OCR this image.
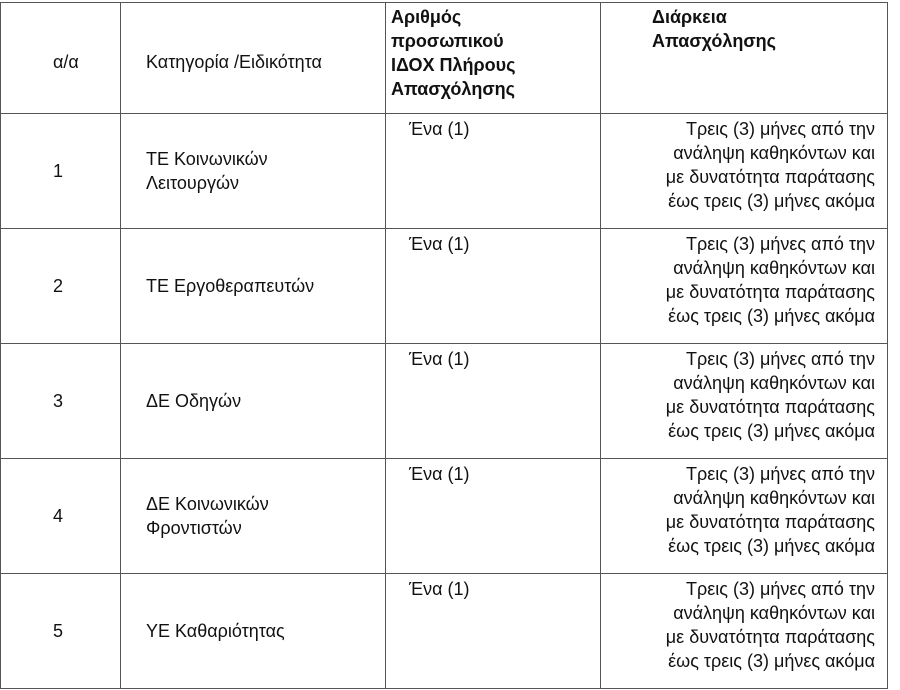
α/α	Κατηγορία /Ειδικότητα	Αριθμός
προσωπικού
ΙΔΟΧ Πλήρους
Απασχόλησης	Διάρκεια
Απασχόλησης

1	ΤΕ Κοινωνικών
Λειτουργών	Ένα (1)	Τρεις (3) μήνες από την
ανάληψη καθηκόντων και
με δυνατότητα παράτασης
έως τρεις (3) μήνες ακόμα

2	ΤΕ Εργοθεραπευτών	Ένα (1)	Τρεις (3) μήνες από την
ανάληψη καθηκόντων και
με δυνατότητα παράτασης
έως τρεις (3) μήνες ακόμα

3	ΔΕ Οδηγών	Ένα (1)	Τρεις (3) μήνες από την
ανάληψη καθηκόντων και
με δυνατότητα παράτασης
έως τρεις (3) μήνες ακόμα

4	ΔΕ Κοινωνικών
Φροντιστών	Ένα (1)	Τρεις (3) μήνες από την
ανάληψη καθηκόντων και
με δυνατότητα παράτασης
έως τρεις (3) μήνες ακόμα

5	ΥΕ Καθαριότητας	Ένα (1)	Τρεις (3) μήνες από την
ανάληψη καθηκόντων και
με δυνατότητα παράτασης
έως τρεις (3) μήνες ακόμα
